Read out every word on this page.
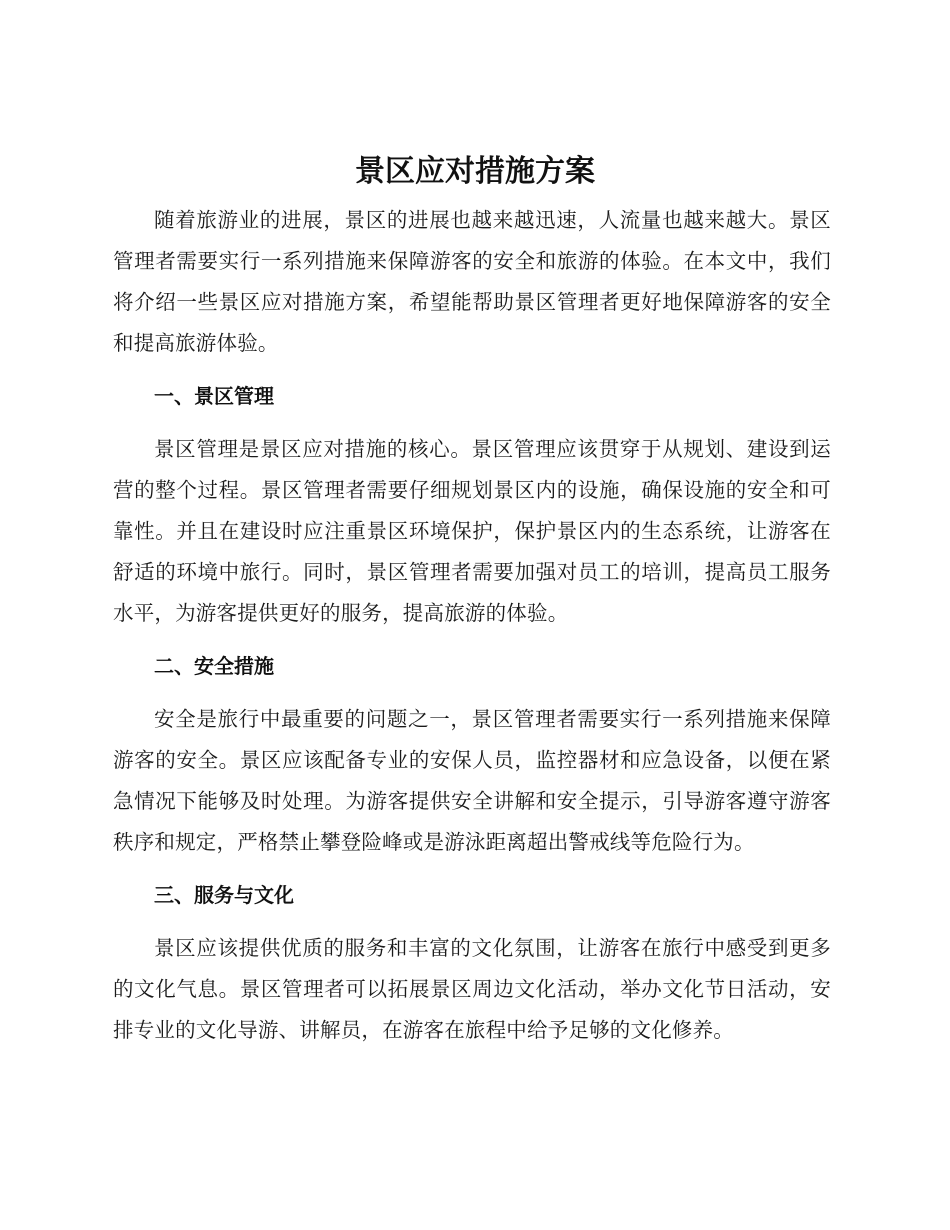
景区应对措施方案

随着旅游业的进展，景区的进展也越来越迅速，人流量也越来越大。景区管理者需要实行一系列措施来保障游客的安全和旅游的体验。在本文中，我们将介绍一些景区应对措施方案，希望能帮助景区管理者更好地保障游客的安全和提高旅游体验。

一、景区管理

景区管理是景区应对措施的核心。景区管理应该贯穿于从规划、建设到运营的整个过程。景区管理者需要仔细规划景区内的设施，确保设施的安全和可靠性。并且在建设时应注重景区环境保护，保护景区内的生态系统，让游客在舒适的环境中旅行。同时，景区管理者需要加强对员工的培训，提高员工服务水平，为游客提供更好的服务，提高旅游的体验。

二、安全措施

安全是旅行中最重要的问题之一，景区管理者需要实行一系列措施来保障游客的安全。景区应该配备专业的安保人员，监控器材和应急设备，以便在紧急情况下能够及时处理。为游客提供安全讲解和安全提示，引导游客遵守游客秩序和规定，严格禁止攀登险峰或是游泳距离超出警戒线等危险行为。

三、服务与文化

景区应该提供优质的服务和丰富的文化氛围，让游客在旅行中感受到更多的文化气息。景区管理者可以拓展景区周边文化活动，举办文化节日活动，安排专业的文化导游、讲解员，在游客在旅程中给予足够的文化修养。
